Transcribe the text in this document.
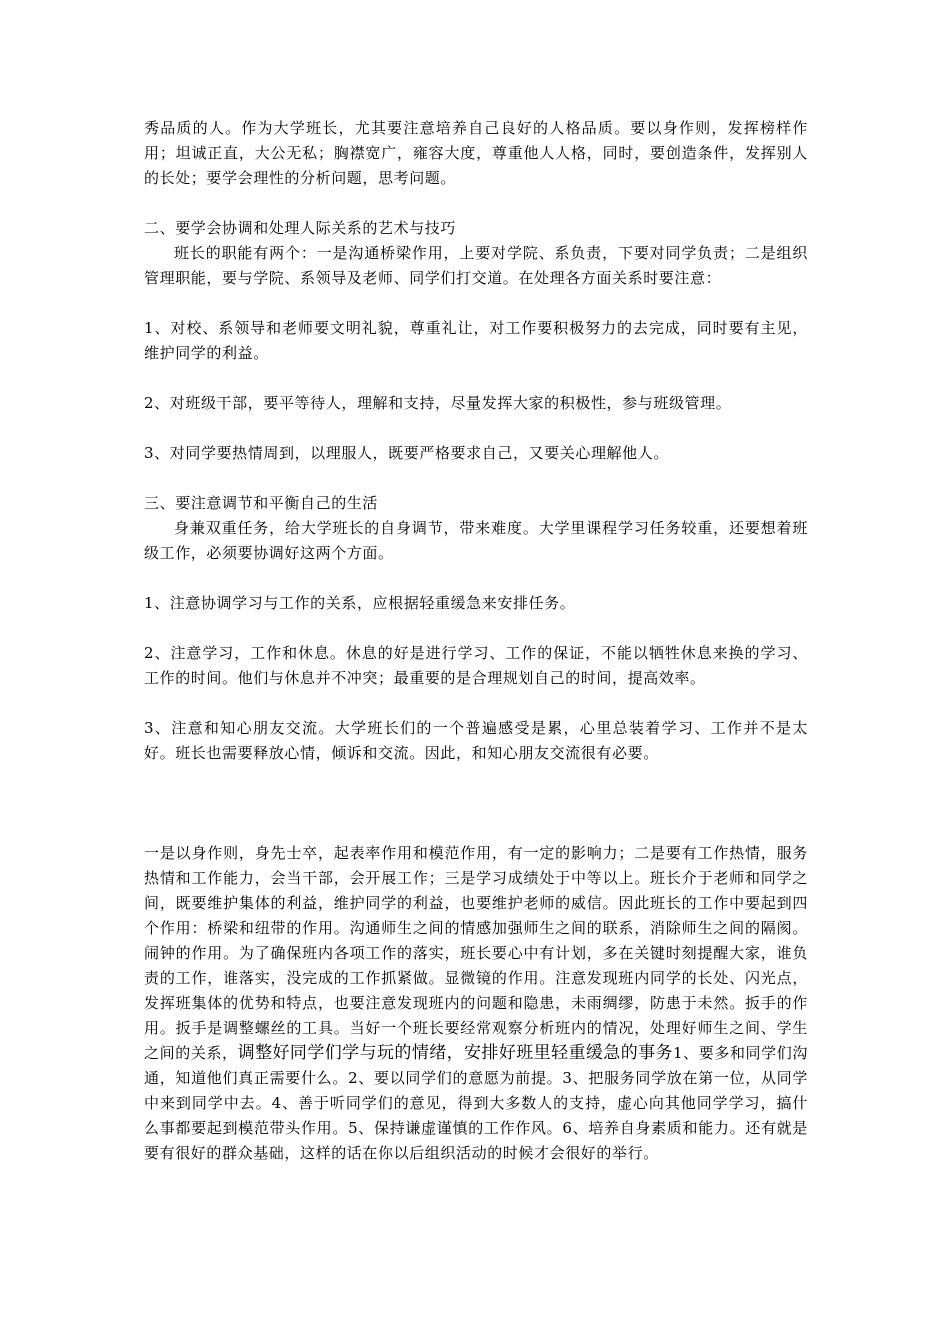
秀品质的人。作为大学班长，尤其要注意培养自己良好的人格品质。要以身作则，发挥榜样作用；坦诚正直，大公无私；胸襟宽广，雍容大度，尊重他人人格，同时，要创造条件，发挥别人的长处；要学会理性的分析问题，思考问题。

二、要学会协调和处理人际关系的艺术与技巧

班长的职能有两个：一是沟通桥梁作用，上要对学院、系负责，下要对同学负责；二是组织管理职能，要与学院、系领导及老师、同学们打交道。在处理各方面关系时要注意：

1、对校、系领导和老师要文明礼貌，尊重礼让，对工作要积极努力的去完成，同时要有主见，维护同学的利益。

2、对班级干部，要平等待人，理解和支持，尽量发挥大家的积极性，参与班级管理。

3、对同学要热情周到，以理服人，既要严格要求自己，又要关心理解他人。

三、要注意调节和平衡自己的生活

身兼双重任务，给大学班长的自身调节，带来难度。大学里课程学习任务较重，还要想着班级工作，必须要协调好这两个方面。

1、注意协调学习与工作的关系，应根据轻重缓急来安排任务。

2、注意学习，工作和休息。休息的好是进行学习、工作的保证，不能以牺牲休息来换的学习、工作的时间。他们与休息并不冲突；最重要的是合理规划自己的时间，提高效率。

3、注意和知心朋友交流。大学班长们的一个普遍感受是累，心里总装着学习、工作并不是太好。班长也需要释放心情，倾诉和交流。因此，和知心朋友交流很有必要。

一是以身作则，身先士卒，起表率作用和模范作用，有一定的影响力；二是要有工作热情，服务热情和工作能力，会当干部，会开展工作；三是学习成绩处于中等以上。班长介于老师和同学之间，既要维护集体的利益，维护同学的利益，也要维护老师的威信。因此班长的工作中要起到四个作用：桥梁和纽带的作用。沟通师生之间的情感加强师生之间的联系，消除师生之间的隔阂。闹钟的作用。为了确保班内各项工作的落实，班长要心中有计划，多在关键时刻提醒大家，谁负责的工作，谁落实，没完成的工作抓紧做。显微镜的作用。注意发现班内同学的长处、闪光点，发挥班集体的优势和特点，也要注意发现班内的问题和隐患，未雨绸缪，防患于未然。扳手的作用。扳手是调整螺丝的工具。当好一个班长要经常观察分析班内的情况，处理好师生之间、学生之间的关系，调整好同学们学与玩的情绪，安排好班里轻重缓急的事务1、要多和同学们沟通，知道他们真正需要什么。2、要以同学们的意愿为前提。3、把服务同学放在第一位，从同学中来到同学中去。4、善于听同学们的意见，得到大多数人的支持，虚心向其他同学学习，搞什么事都要起到模范带头作用。5、保持谦虚谨慎的工作作风。6、培养自身素质和能力。还有就是要有很好的群众基础，这样的话在你以后组织活动的时候才会很好的举行。
